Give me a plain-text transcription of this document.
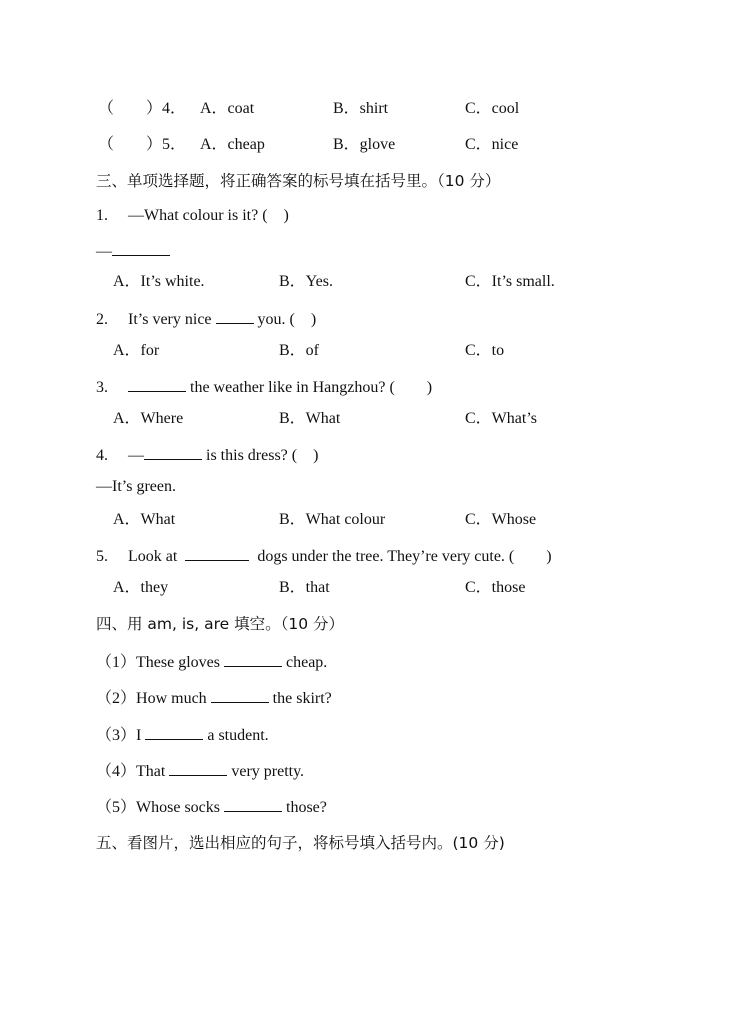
（　　）4． A．coat	B．shirt	C．cool
（　　）5． A．cheap	B．glove	C．nice
三、单项选择题，将正确答案的标号填在括号里。（10 分）
1. —What colour is it? (　)
—
A．It’s white.	B．Yes.	C．It’s small.
2. It’s very nice  you. (　)
A．for	B．of	C．to
3.	the weather like in Hangzhou? (　　)
A．Where	B．What	C．What’s
4. —	is this dress? (　)
—It’s green.
A．What	B．What colour	C．Whose
5. Look at	dogs under the tree. They’re very cute. (　　)
A．they	B．that	C．those
四、用 am, is, are 填空。（10 分）
（1）These gloves	cheap.
（2）How much	the skirt?
（3）I	a student.
（4）That	very pretty.
（5）Whose socks	those?
五、看图片，选出相应的句子，将标号填入括号内。(10 分)
